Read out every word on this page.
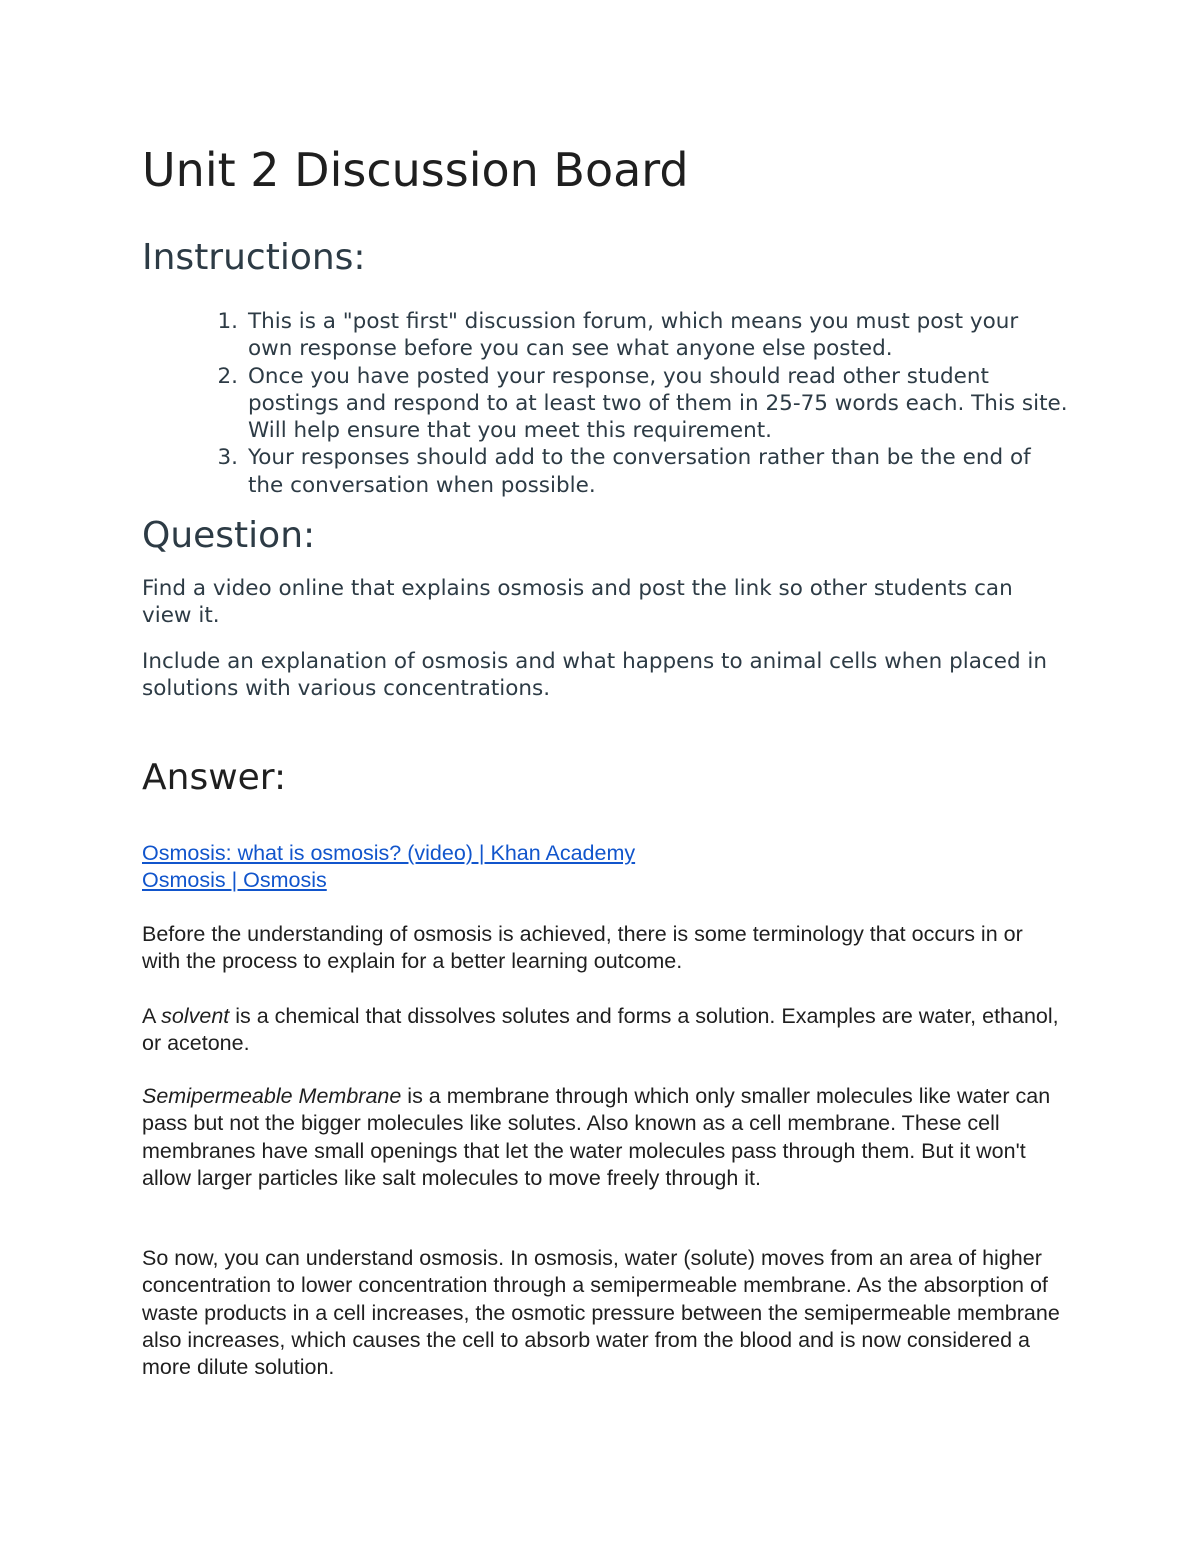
Unit 2 Discussion Board
Instructions:
1. This is a "post first" discussion forum, which means you must post your own response before you can see what anyone else posted.
2. Once you have posted your response, you should read other student postings and respond to at least two of them in 25-75 words each. This site. Will help ensure that you meet this requirement.
3. Your responses should add to the conversation rather than be the end of the conversation when possible.
Question:

Find a video online that explains osmosis and post the link so other students can view it.

Include an explanation of osmosis and what happens to animal cells when placed in solutions with various concentrations.

Answer:
Osmosis: what is osmosis? (video) | Khan Academy
Osmosis | Osmosis

Before the understanding of osmosis is achieved, there is some terminology that occurs in or with the process to explain for a better learning outcome.

A solvent is a chemical that dissolves solutes and forms a solution. Examples are water, ethanol, or acetone.

Semipermeable Membrane is a membrane through which only smaller molecules like water can pass but not the bigger molecules like solutes. Also known as a cell membrane. These cell membranes have small openings that let the water molecules pass through them. But it won't allow larger particles like salt molecules to move freely through it.

So now, you can understand osmosis. In osmosis, water (solute) moves from an area of higher concentration to lower concentration through a semipermeable membrane. As the absorption of waste products in a cell increases, the osmotic pressure between the semipermeable membrane also increases, which causes the cell to absorb water from the blood and is now considered a more dilute solution.
